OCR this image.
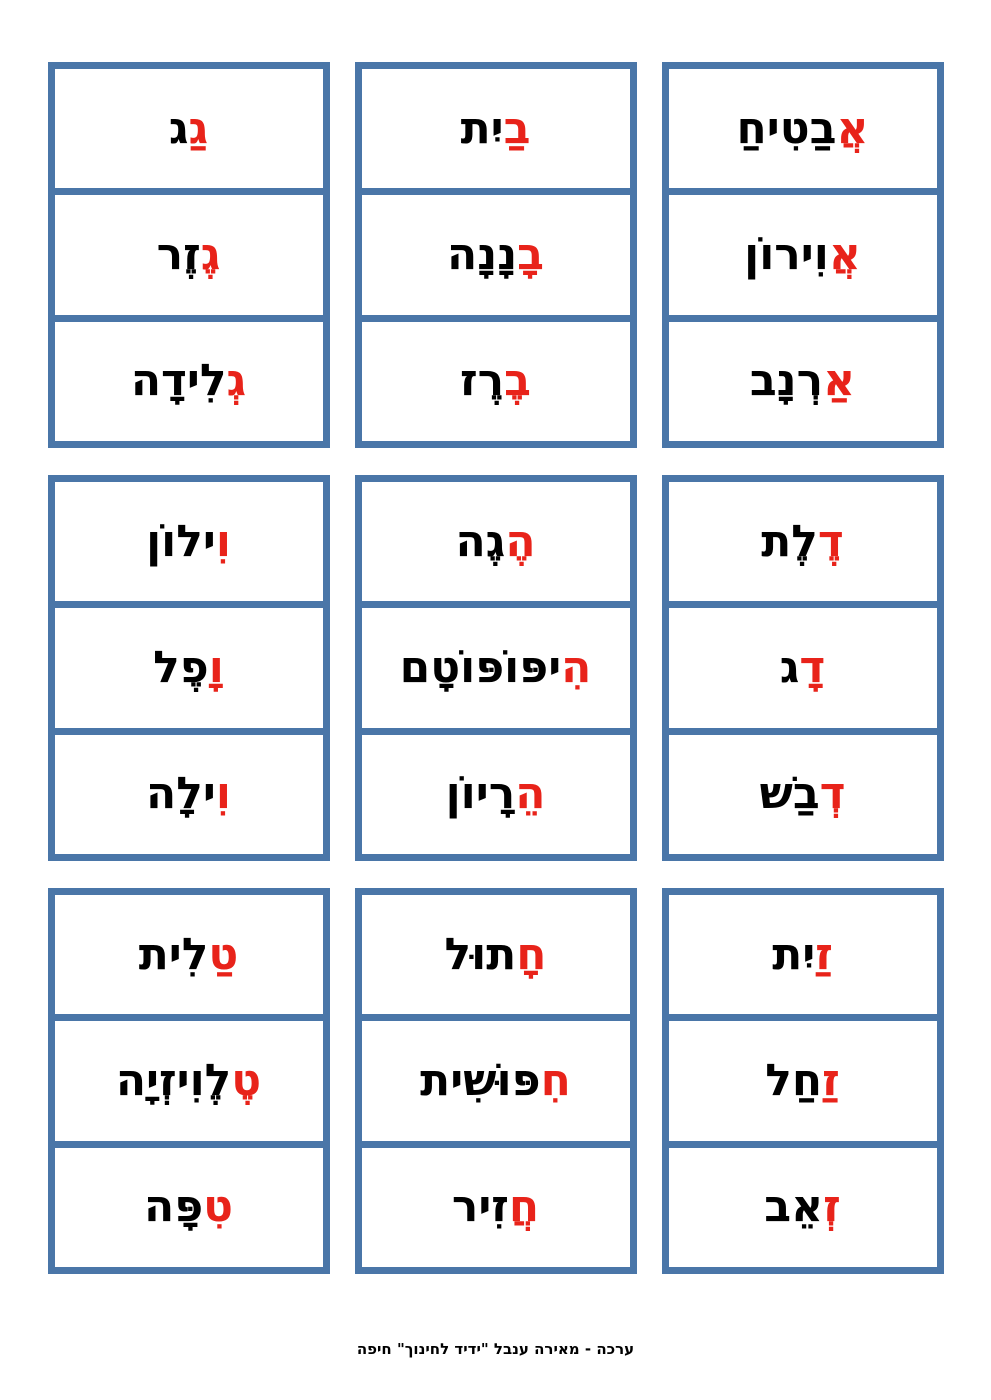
אֲבַטִיחַ
אֲוִירוֹן
אַרְנָב
בַיִת
בָנָנָה
בֶרֶז
גַג
גֶזֶר
גְלִידָה
דֶלֶת
דָג
דְבַשׁ
הֶגֶה
הִיפּוֹפּוֹטָם
הֵרָיוֹן
וִילוֹן
וָפֶל
וִילָה
זַיִת
זַחַל
זְאֵב
חָתוּל
חִפּוּשִׁית
חֲזִיר
טַלִית
טֶלֶוִיזְיָה
טִפָּה
ערכה - מאירה ענבל "ידיד לחינוך" חיפה
